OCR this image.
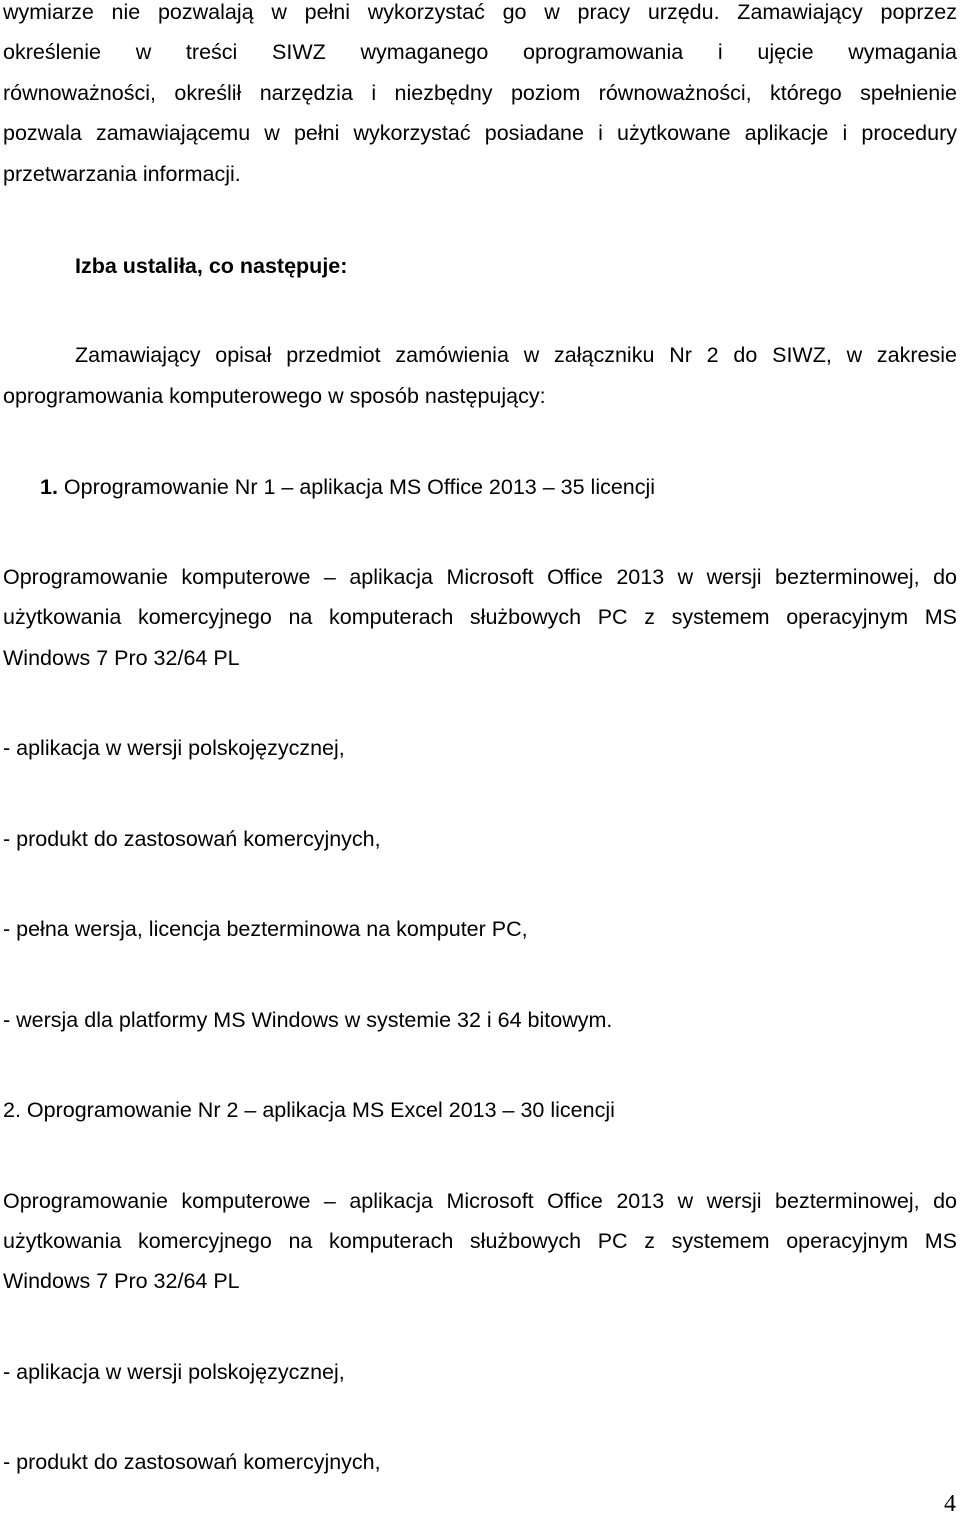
wymiarze nie pozwalają w pełni wykorzystać go w pracy urzędu. Zamawiający poprzez
określenie w treści SIWZ wymaganego oprogramowania i ujęcie wymagania
równoważności, określił narzędzia i niezbędny poziom równoważności, którego spełnienie
pozwala zamawiającemu w pełni wykorzystać posiadane i użytkowane aplikacje i procedury
przetwarzania informacji.
Izba ustaliła, co następuje:
Zamawiający opisał przedmiot zamówienia w załączniku Nr 2 do SIWZ, w zakresie
oprogramowania komputerowego w sposób następujący:
1. Oprogramowanie Nr 1 – aplikacja MS Office 2013 – 35 licencji
Oprogramowanie komputerowe – aplikacja Microsoft Office 2013 w wersji bezterminowej, do
użytkowania komercyjnego na komputerach służbowych PC z systemem operacyjnym MS
Windows 7 Pro 32/64 PL
- aplikacja w wersji polskojęzycznej,
- produkt do zastosowań komercyjnych,
- pełna wersja, licencja bezterminowa na komputer PC,
- wersja dla platformy MS Windows w systemie 32 i 64 bitowym.
2. Oprogramowanie Nr 2 – aplikacja MS Excel 2013 – 30 licencji
Oprogramowanie komputerowe – aplikacja Microsoft Office 2013 w wersji bezterminowej, do
użytkowania komercyjnego na komputerach służbowych PC z systemem operacyjnym MS
Windows 7 Pro 32/64 PL
- aplikacja w wersji polskojęzycznej,
- produkt do zastosowań komercyjnych,
4
